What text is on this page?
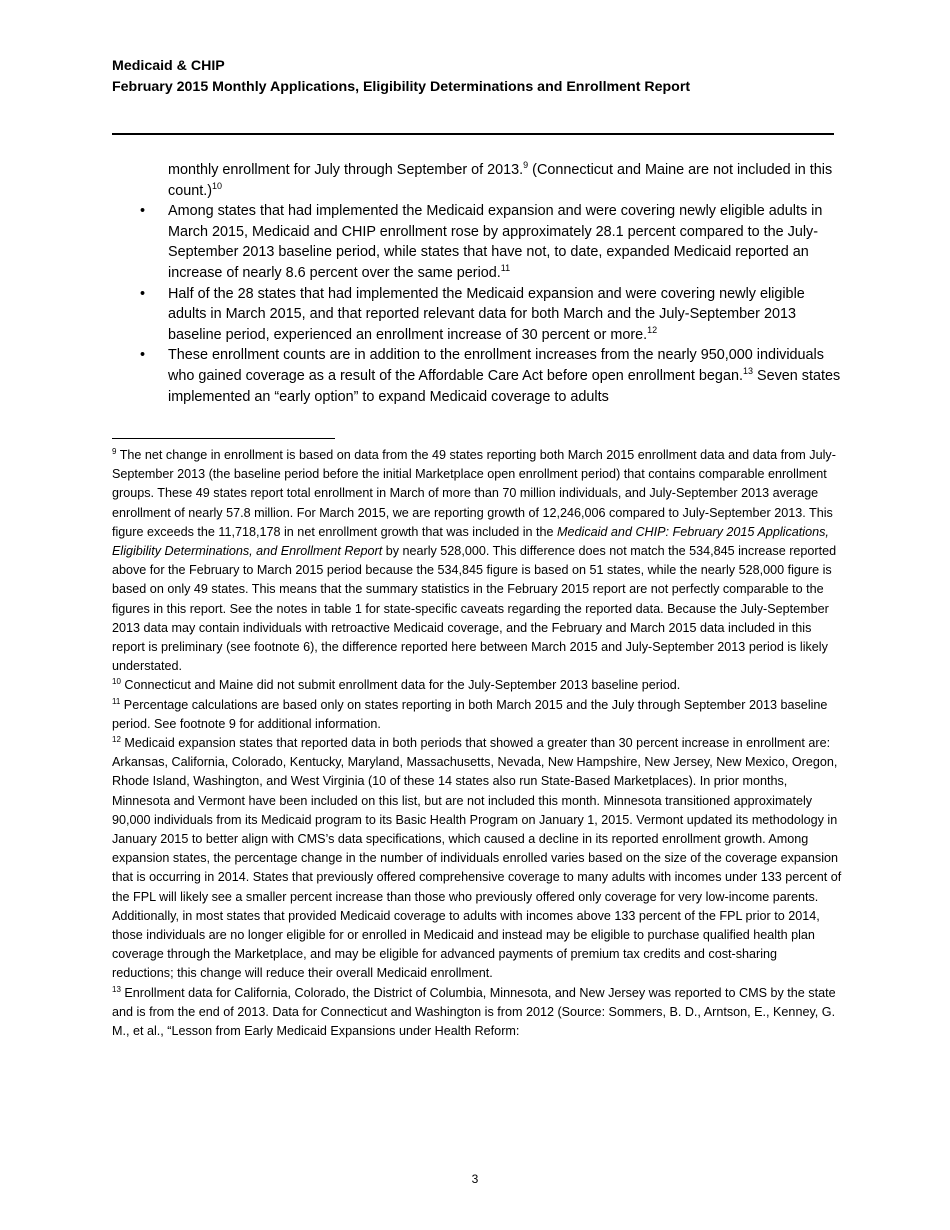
Medicaid & CHIP
February 2015 Monthly Applications, Eligibility Determinations and Enrollment Report

monthly enrollment for July through September of 2013.$^9$ (Connecticut and Maine are not included in this count.)$^{10}$

• Among states that had implemented the Medicaid expansion and were covering newly eligible adults in March 2015, Medicaid and CHIP enrollment rose by approximately 28.1 percent compared to the July-September 2013 baseline period, while states that have not, to date, expanded Medicaid reported an increase of nearly 8.6 percent over the same period.$^{11}$
• Half of the 28 states that had implemented the Medicaid expansion and were covering newly eligible adults in March 2015, and that reported relevant data for both March and the July-September 2013 baseline period, experienced an enrollment increase of 30 percent or more.$^{12}$
• These enrollment counts are in addition to the enrollment increases from the nearly 950,000 individuals who gained coverage as a result of the Affordable Care Act before open enrollment began.$^{13}$ Seven states implemented an “early option” to expand Medicaid coverage to adults

$^9$ The net change in enrollment is based on data from the 49 states reporting both March 2015 enrollment data and data from July-September 2013 (the baseline period before the initial Marketplace open enrollment period) that contains comparable enrollment groups. These 49 states report total enrollment in March of more than 70 million individuals, and July-September 2013 average enrollment of nearly 57.8 million. For March 2015, we are reporting growth of 12,246,006 compared to July-September 2013. This figure exceeds the 11,718,178 in net enrollment growth that was included in the Medicaid and CHIP: February 2015 Applications, Eligibility Determinations, and Enrollment Report by nearly 528,000. This difference does not match the 534,845 increase reported above for the February to March 2015 period because the 534,845 figure is based on 51 states, while the nearly 528,000 figure is based on only 49 states. This means that the summary statistics in the February 2015 report are not perfectly comparable to the figures in this report. See the notes in table 1 for state-specific caveats regarding the reported data. Because the July-September 2013 data may contain individuals with retroactive Medicaid coverage, and the February and March 2015 data included in this report is preliminary (see footnote 6), the difference reported here between March 2015 and July-September 2013 period is likely understated.

$^{10}$ Connecticut and Maine did not submit enrollment data for the July-September 2013 baseline period.

$^{11}$ Percentage calculations are based only on states reporting in both March 2015 and the July through September 2013 baseline period. See footnote 9 for additional information.

$^{12}$ Medicaid expansion states that reported data in both periods that showed a greater than 30 percent increase in enrollment are: Arkansas, California, Colorado, Kentucky, Maryland, Massachusetts, Nevada, New Hampshire, New Jersey, New Mexico, Oregon, Rhode Island, Washington, and West Virginia (10 of these 14 states also run State-Based Marketplaces). In prior months, Minnesota and Vermont have been included on this list, but are not included this month. Minnesota transitioned approximately 90,000 individuals from its Medicaid program to its Basic Health Program on January 1, 2015. Vermont updated its methodology in January 2015 to better align with CMS’s data specifications, which caused a decline in its reported enrollment growth. Among expansion states, the percentage change in the number of individuals enrolled varies based on the size of the coverage expansion that is occurring in 2014. States that previously offered comprehensive coverage to many adults with incomes under 133 percent of the FPL will likely see a smaller percent increase than those who previously offered only coverage for very low-income parents. Additionally, in most states that provided Medicaid coverage to adults with incomes above 133 percent of the FPL prior to 2014, those individuals are no longer eligible for or enrolled in Medicaid and instead may be eligible to purchase qualified health plan coverage through the Marketplace, and may be eligible for advanced payments of premium tax credits and cost-sharing reductions; this change will reduce their overall Medicaid enrollment.

$^{13}$ Enrollment data for California, Colorado, the District of Columbia, Minnesota, and New Jersey was reported to CMS by the state and is from the end of 2013. Data for Connecticut and Washington is from 2012 (Source: Sommers, B. D., Arntson, E., Kenney, G. M., et al., “Lesson from Early Medicaid Expansions under Health Reform:

3
